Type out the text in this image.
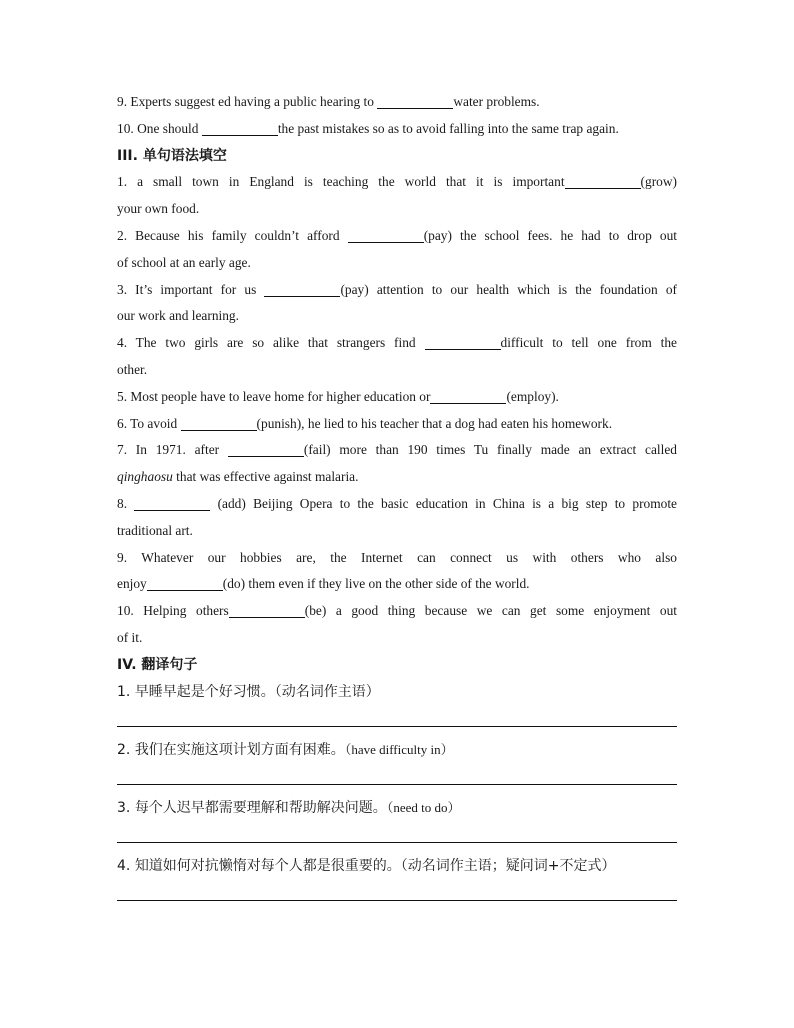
9. Experts suggest ed having a public hearing to	water problems.
10. One should	the past mistakes so as to avoid falling into the same trap again.
III. 单句语法填空
1. a small town in England is teaching the world that it is important	(grow)
your own food.
2. Because his family couldn’t afford	(pay) the school fees. he had to drop out
of school at an early age.
3. It’s important for us	(pay) attention to our health which is the foundation of
our work and learning.
4. The two girls are so alike that strangers find	difficult to tell one from the
other.
5. Most people have to leave home for higher education or	(employ).
6. To avoid	(punish), he lied to his teacher that a dog had eaten his homework.
7. In 1971. after	(fail) more than 190 times Tu finally made an extract called
qinghaosu that was effective against malaria.
8.	(add) Beijing Opera to the basic education in China is a big step to promote
traditional art.
9. Whatever our hobbies are, the Internet can connect us with others who also
enjoy	(do) them even if they live on the other side of the world.
10. Helping others	(be) a good thing because we can get some enjoyment out
of it.
IV. 翻译句子
1. 早睡早起是个好习惯。（动名词作主语）
2. 我们在实施这项计划方面有困难。（have difficulty in）
3. 每个人迟早都需要理解和帮助解决问题。（need to do）
4. 知道如何对抗懒惰对每个人都是很重要的。（动名词作主语；疑问词+不定式）
